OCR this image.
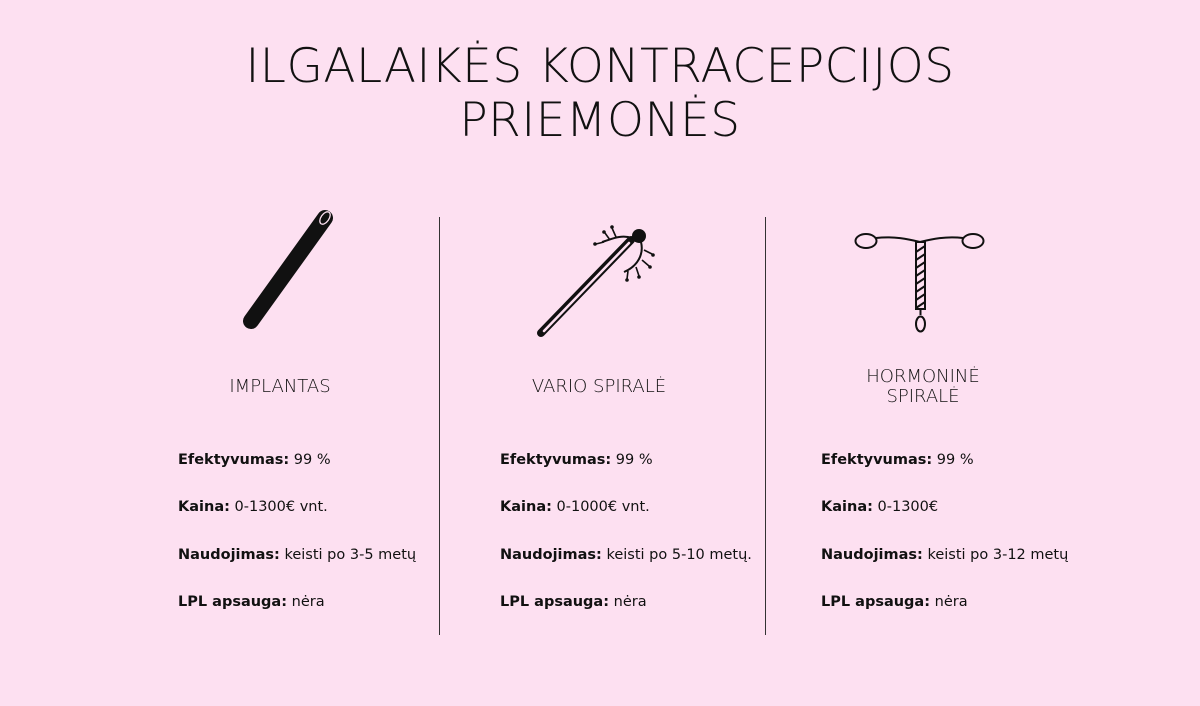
ILGALAIKĖS KONTRACEPCIJOS
PRIEMONĖS
IMPLANTAS	VARIO SPIRALĖ	HORMONINĖ
SPIRALĖ
Efektyvumas: 99 %
Kaina: 0-1300€ vnt.
Naudojimas: keisti po 3-5 metų
LPL apsauga: nėra
Efektyvumas: 99 %
Kaina: 0-1000€ vnt.
Naudojimas: keisti po 5-10 metų.
LPL apsauga: nėra
Efektyvumas: 99 %
Kaina: 0-1300€
Naudojimas: keisti po 3-12 metų
LPL apsauga: nėra
